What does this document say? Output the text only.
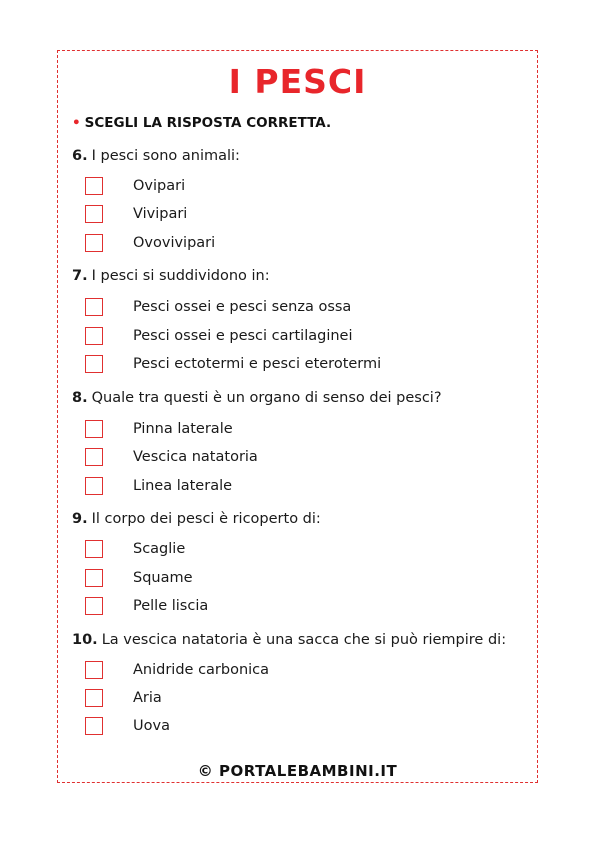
I PESCI
• SCEGLI LA RISPOSTA CORRETTA.
6. I pesci sono animali:
Ovipari
Vivipari
Ovovivipari
7. I pesci si suddividono in:
Pesci ossei e pesci senza ossa
Pesci ossei e pesci cartilaginei
Pesci ectotermi e pesci eterotermi
8. Quale tra questi è un organo di senso dei pesci?
Pinna laterale
Vescica natatoria
Linea laterale
9. Il corpo dei pesci è ricoperto di:
Scaglie
Squame
Pelle liscia
10. La vescica natatoria è una sacca che si può riempire di:
Anidride carbonica
Aria
Uova
© PORTALEBAMBINI.IT
